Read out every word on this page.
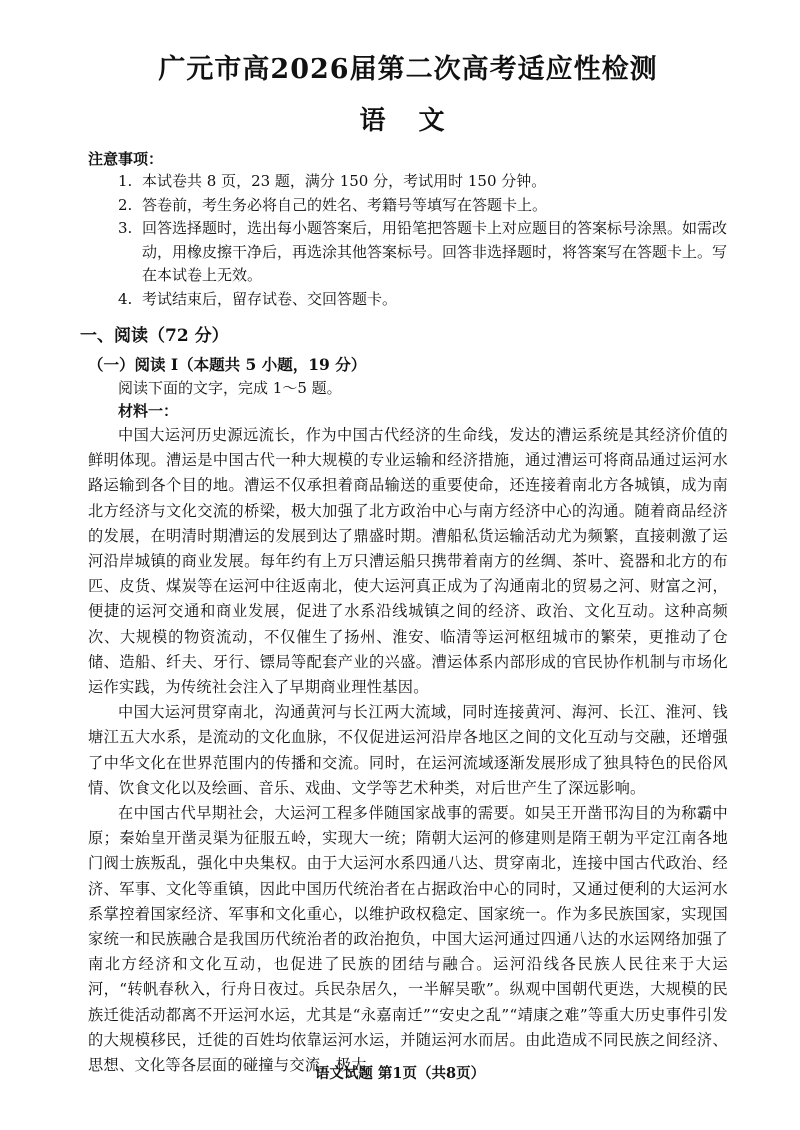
广元市高2026届第二次高考适应性检测
语 文
注意事项：
1. 本试卷共 8 页，23 题，满分 150 分，考试用时 150 分钟。
2. 答卷前，考生务必将自己的姓名、考籍号等填写在答题卡上。
3. 回答选择题时，选出每小题答案后，用铅笔把答题卡上对应题目的答案标号涂黑。如需改动，用橡皮擦干净后，再选涂其他答案标号。回答非选择题时，将答案写在答题卡上。写在本试卷上无效。
4. 考试结束后，留存试卷、交回答题卡。
一、阅读（72 分）
（一）阅读 I（本题共 5 小题，19 分）
阅读下面的文字，完成 1～5 题。
材料一：

中国大运河历史源远流长，作为中国古代经济的生命线，发达的漕运系统是其经济价值的鲜明体现。漕运是中国古代一种大规模的专业运输和经济措施，通过漕运可将商品通过运河水路运输到各个目的地。漕运不仅承担着商品输送的重要使命，还连接着南北方各城镇，成为南北方经济与文化交流的桥梁，极大加强了北方政治中心与南方经济中心的沟通。随着商品经济的发展，在明清时期漕运的发展到达了鼎盛时期。漕船私货运输活动尤为频繁，直接刺激了运河沿岸城镇的商业发展。每年约有上万只漕运船只携带着南方的丝绸、茶叶、瓷器和北方的布匹、皮货、煤炭等在运河中往返南北，使大运河真正成为了沟通南北的贸易之河、财富之河，便捷的运河交通和商业发展，促进了水系沿线城镇之间的经济、政治、文化互动。这种高频次、大规模的物资流动，不仅催生了扬州、淮安、临清等运河枢纽城市的繁荣，更推动了仓储、造船、纤夫、牙行、镖局等配套产业的兴盛。漕运体系内部形成的官民协作机制与市场化运作实践，为传统社会注入了早期商业理性基因。

中国大运河贯穿南北，沟通黄河与长江两大流域，同时连接黄河、海河、长江、淮河、钱塘江五大水系，是流动的文化血脉，不仅促进运河沿岸各地区之间的文化互动与交融，还增强了中华文化在世界范围内的传播和交流。同时，在运河流域逐渐发展形成了独具特色的民俗风情、饮食文化以及绘画、音乐、戏曲、文学等艺术种类，对后世产生了深远影响。

在中国古代早期社会，大运河工程多伴随国家战事的需要。如吴王开凿邗沟目的为称霸中原；秦始皇开凿灵渠为征服五岭，实现大一统；隋朝大运河的修建则是隋王朝为平定江南各地门阀士族叛乱，强化中央集权。由于大运河水系四通八达、贯穿南北，连接中国古代政治、经济、军事、文化等重镇，因此中国历代统治者在占据政治中心的同时，又通过便利的大运河水系掌控着国家经济、军事和文化重心，以维护政权稳定、国家统一。作为多民族国家，实现国家统一和民族融合是我国历代统治者的政治抱负，中国大运河通过四通八达的水运网络加强了南北方经济和文化互动，也促进了民族的团结与融合。运河沿线各民族人民往来于大运河，“转帆春秋入，行舟日夜过。兵民杂居久，一半解吴歌”。纵观中国朝代更迭，大规模的民族迁徙活动都离不开运河水运，尤其是“永嘉南迁”“安史之乱”“靖康之难”等重大历史事件引发的大规模移民，迁徙的百姓均依靠运河水运，并随运河水而居。由此造成不同民族之间经济、思想、文化等各层面的碰撞与交流，极大

语文试题 第1页（共8页）
